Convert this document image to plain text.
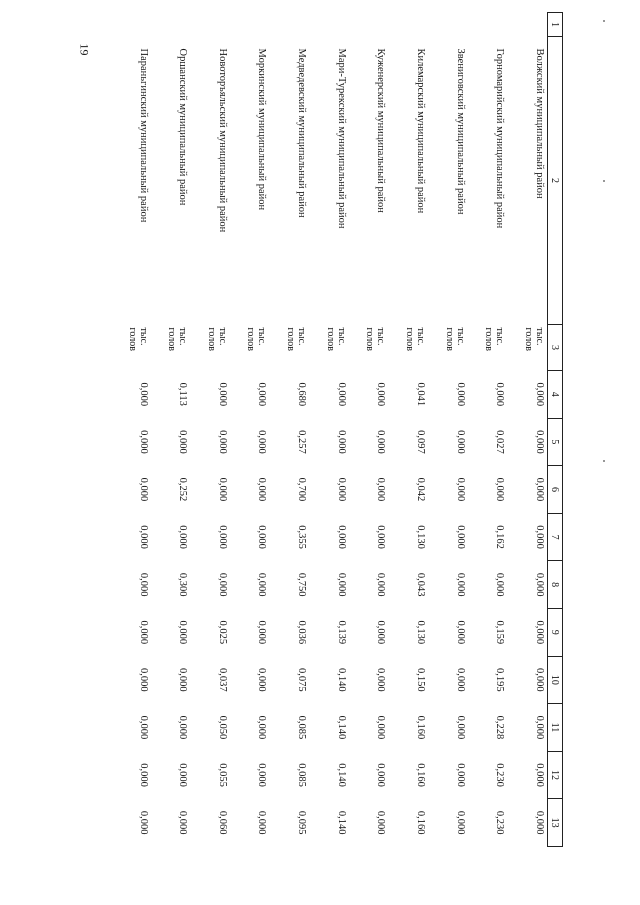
19
1	2	3	4	5	6	7	8	9	10	11	12	13
	Волжский муниципальный район	тыс. голов	0,000	0,000	0,000	0,000	0,000	0,000	0,000	0,000	0,000	0,000
	Горномарийский муниципальный район	тыс. голов	0,000	0,027	0,000	0,162	0,000	0,159	0,195	0,228	0,230	0,230
	Звениговский муниципальный район	тыс. голов	0,000	0,000	0,000	0,000	0,000	0,000	0,000	0,000	0,000	0,000
	Килемарский муниципальный район	тыс. голов	0,041	0,097	0,042	0,130	0,043	0,130	0,150	0,160	0,160	0,160
	Куженерский муниципальный район	тыс. голов	0,000	0,000	0,000	0,000	0,000	0,000	0,000	0,000	0,000	0,000
	Мари-Турекский муниципальный район	тыс. голов	0,000	0,000	0,000	0,000	0,000	0,139	0,140	0,140	0,140	0,140
	Медведевский муниципальный район	тыс. голов	0,680	0,257	0,700	0,355	0,750	0,036	0,075	0,085	0,085	0,095
	Моркинский муниципальный район	тыс. голов	0,000	0,000	0,000	0,000	0,000	0,000	0,000	0,000	0,000	0,000
	Новоторъяльский муниципальный район	тыс. голов	0,000	0,000	0,000	0,000	0,000	0,025	0,037	0,050	0,055	0,060
	Оршанский муниципальный район	тыс. голов	0,113	0,000	0,252	0,000	0,300	0,000	0,000	0,000	0,000	0,000
	Параньгинский муниципальный район	тыс. голов	0,000	0,000	0,000	0,000	0,000	0,000	0,000	0,000	0,000	0,000
